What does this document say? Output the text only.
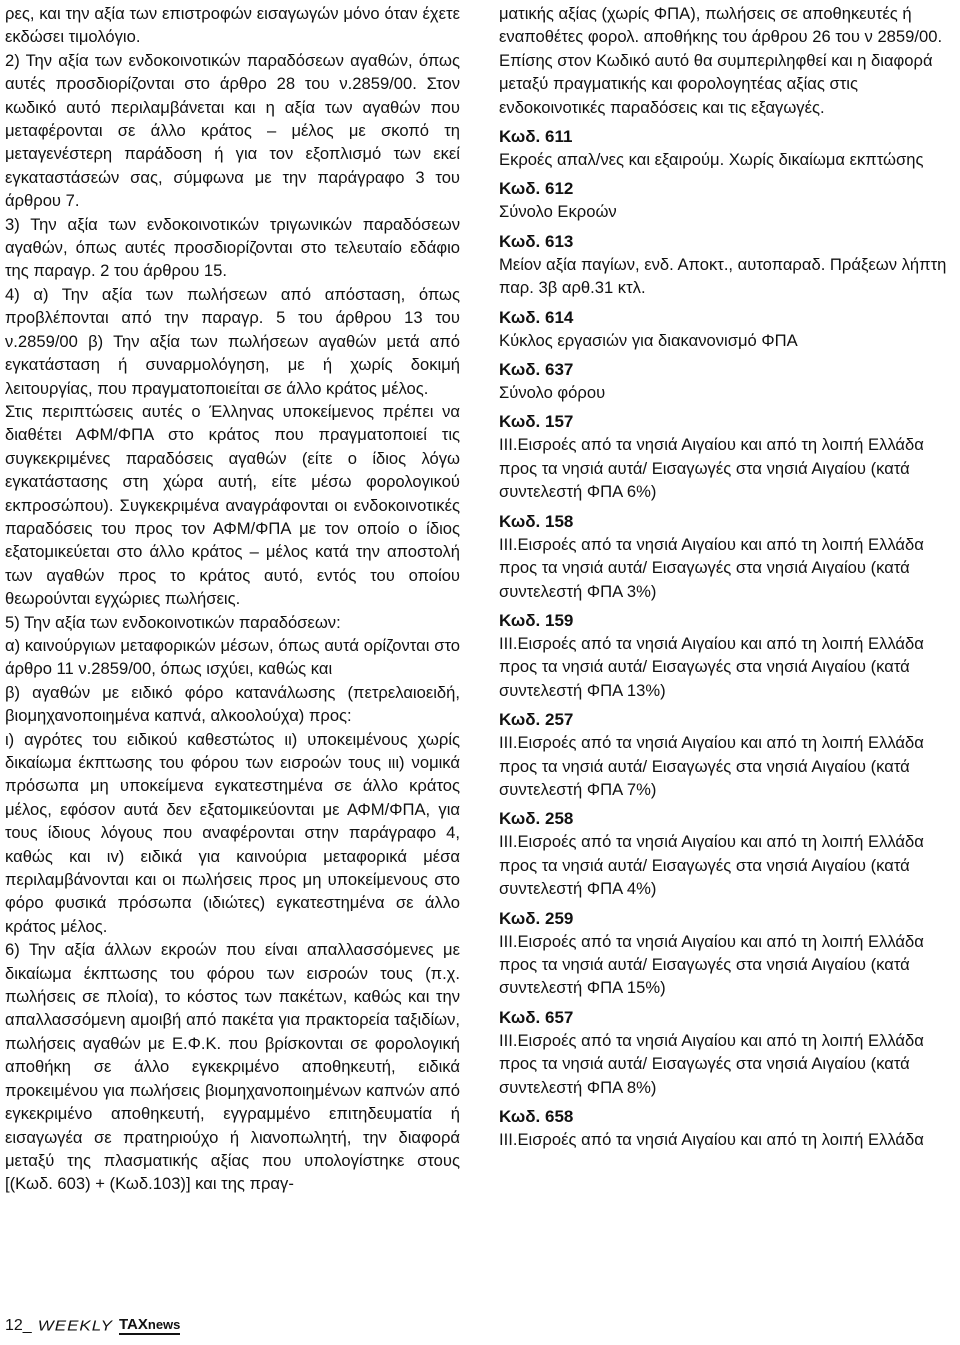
ρες, και την αξία των επιστροφών εισαγωγών μόνο όταν έχετε εκδώσει τιμολόγιο.

2) Την αξία των ενδοκοινοτικών παραδόσεων αγαθών, όπως αυτές προσδιορίζονται στο άρθρο 28 του ν.2859/00. Στον κωδικό αυτό περιλαμβάνεται και η αξία των αγαθών που μεταφέρονται σε άλλο κράτος – μέλος με σκοπό τη μεταγενέστερη παράδοση ή για τον εξοπλισμό των εκεί εγκαταστάσεών σας, σύμφωνα με την παράγραφο 3 του άρθρου 7.

3) Την αξία των ενδοκοινοτικών τριγωνικών παραδόσεων αγαθών, όπως αυτές προσδιορίζονται στο τελευταίο εδάφιο της παραγρ. 2 του άρθρου 15.

4) α) Την αξία των πωλήσεων από απόσταση, όπως προβλέπονται από την παραγρ. 5 του άρθρου 13 του ν.2859/00 β) Την αξία των πωλήσεων αγαθών μετά από εγκατάσταση ή συναρμολόγηση, με ή χωρίς δοκιμή λειτουργίας, που πραγματοποιείται σε άλλο κράτος μέλος.

Στις περιπτώσεις αυτές ο Έλληνας υποκείμενος πρέπει να διαθέτει ΑΦΜ/ΦΠΑ στο κράτος που πραγματοποιεί τις συγκεκριμένες παραδόσεις αγαθών (είτε ο ίδιος λόγω εγκατάστασης στη χώρα αυτή, είτε μέσω φορολογικού εκπροσώπου). Συγκεκριμένα αναγράφονται οι ενδοκοινοτικές παραδόσεις του προς τον ΑΦΜ/ΦΠΑ με τον οποίο ο ίδιος εξατομικεύεται στο άλλο κράτος – μέλος κατά την αποστολή των αγαθών προς το κράτος αυτό, εντός του οποίου θεωρούνται εγχώριες πωλήσεις.

5) Την αξία των ενδοκοινοτικών παραδόσεων:

α) καινούργιων μεταφορικών μέσων, όπως αυτά ορίζονται στο άρθρο 11 ν.2859/00, όπως ισχύει, καθώς και

β) αγαθών με ειδικό φόρο κατανάλωσης (πετρελαιοειδή, βιομηχανοποιημένα καπνά, αλκοολούχα) προς:

ι) αγρότες του ειδικού καθεστώτος ιι) υποκειμένους χωρίς δικαίωμα έκπτωσης του φόρου των εισροών τους ιιι) νομικά πρόσωπα μη υποκείμενα εγκατεστημένα σε άλλο κράτος μέλος, εφόσον αυτά δεν εξατομικεύονται με ΑΦΜ/ΦΠΑ, για τους ίδιους λόγους που αναφέρονται στην παράγραφο 4, καθώς και ιv) ειδικά για καινούρια μεταφορικά μέσα περιλαμβάνονται και οι πωλήσεις προς μη υποκείμενους στο φόρο φυσικά πρόσωπα (ιδιώτες) εγκατεστημένα σε άλλο κράτος μέλος.

6) Την αξία άλλων εκροών που είναι απαλλασσόμενες με δικαίωμα έκπτωσης του φόρου των εισροών τους (π.χ. πωλήσεις σε πλοία), το κόστος των πακέτων, καθώς και την απαλλασσόμενη αμοιβή από πακέτα για πρακτορεία ταξιδίων, πωλήσεις αγαθών με Ε.Φ.Κ. που βρίσκονται σε φορολογική αποθήκη σε άλλο εγκεκριμένο αποθηκευτή, ειδικά προκειμένου για πωλήσεις βιομηχανοποιημένων καπνών από εγκεκριμένο αποθηκευτή, εγγραμμένο επιτηδευματία ή εισαγωγέα σε πρατηριούχο ή λιανοπωλητή, την διαφορά μεταξύ της πλασματικής αξίας που υπολογίστηκε στους [(Κωδ. 603) + (Κωδ.103)] και της πραγ-

ματικής αξίας (χωρίς ΦΠΑ), πωλήσεις σε αποθηκευτές ή εναποθέτες φορολ. αποθήκης του άρθρου 26 του ν 2859/00.

Επίσης στον Κωδικό αυτό θα συμπεριληφθεί και η διαφορά μεταξύ πραγματικής και φορολογητέας αξίας στις ενδοκοινοτικές παραδόσεις και τις εξαγωγές.

Κωδ. 611

Εκροές απαλ/νες και εξαιρούμ. Χωρίς δικαίωμα εκπτώσης

Κωδ. 612

Σύνολο Εκροών

Κωδ. 613

Μείον αξία παγίων, ενδ. Αποκτ., αυτοπαραδ. Πράξεων λήπτη παρ. 3β αρθ.31 κτλ.

Κωδ. 614

Κύκλος εργασιών για διακανονισμό ΦΠΑ

Κωδ. 637

Σύνολο φόρου

Κωδ. 157

ΙΙΙ.Εισροές από τα νησιά Αιγαίου και από τη λοιπή Ελλάδα προς τα νησιά αυτά/ Εισαγωγές στα νησιά Αιγαίου (κατά συντελεστή ΦΠΑ 6%)

Κωδ. 158

ΙΙΙ.Εισροές από τα νησιά Αιγαίου και από τη λοιπή Ελλάδα προς τα νησιά αυτά/ Εισαγωγές στα νησιά Αιγαίου (κατά συντελεστή ΦΠΑ 3%)

Κωδ. 159

ΙΙΙ.Εισροές από τα νησιά Αιγαίου και από τη λοιπή Ελλάδα προς τα νησιά αυτά/ Εισαγωγές στα νησιά Αιγαίου (κατά συντελεστή ΦΠΑ 13%)

Κωδ. 257

ΙΙΙ.Εισροές από τα νησιά Αιγαίου και από τη λοιπή Ελλάδα προς τα νησιά αυτά/ Εισαγωγές στα νησιά Αιγαίου (κατά συντελεστή ΦΠΑ 7%)

Κωδ. 258

ΙΙΙ.Εισροές από τα νησιά Αιγαίου και από τη λοιπή Ελλάδα προς τα νησιά αυτά/ Εισαγωγές στα νησιά Αιγαίου (κατά συντελεστή ΦΠΑ 4%)

Κωδ. 259

ΙΙΙ.Εισροές από τα νησιά Αιγαίου και από τη λοιπή Ελλάδα προς τα νησιά αυτά/ Εισαγωγές στα νησιά Αιγαίου (κατά συντελεστή ΦΠΑ 15%)

Κωδ. 657

ΙΙΙ.Εισροές από τα νησιά Αιγαίου και από τη λοιπή Ελλάδα προς τα νησιά αυτά/ Εισαγωγές στα νησιά Αιγαίου (κατά συντελεστή ΦΠΑ 8%)

Κωδ. 658

ΙΙΙ.Εισροές από τα νησιά Αιγαίου και από τη λοιπή Ελλάδα

12_ WEEKLY TAXnews
